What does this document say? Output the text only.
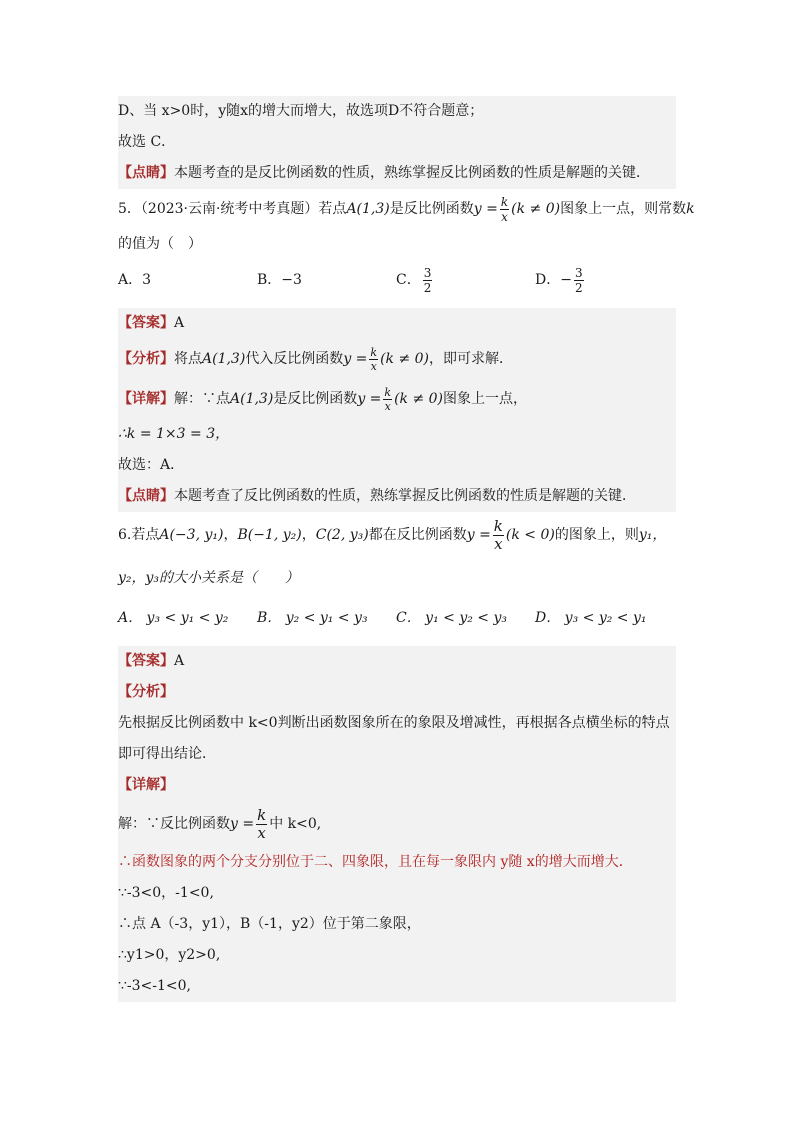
D、当 x>0时，y随x的增大而增大，故选项D不符合题意；
故选 C．
【点睛】本题考查的是反比例函数的性质，熟练掌握反比例函数的性质是解题的关键．
5．（2023·云南·统考中考真题）若点A(1,3)是反比例函数$y = \frac{k}{x} (k \ne 0)$图象上一点，则常数k
的值为（　）
A．3	B．−3	C． $\frac{3}{2}$	D．− $\frac{3}{2}$
【答案】A
【分析】将点A(1,3)代入反比例函数$y = \frac{k}{x} (k \ne 0)$，即可求解．
【详解】解：∵点A(1,3)是反比例函数$y = \frac{k}{x} (k \ne 0)$图象上一点，
∴k = 1×3 = 3，
故选：A．
【点睛】本题考查了反比例函数的性质，熟练掌握反比例函数的性质是解题的关键．
6.若点A(−3, y₁)，B(−1, y₂)，C(2, y₃)都在反比例函数$y = \frac{k}{x} (k < 0)$的图象上，则y₁，
y₂，y₃的大小关系是（　　）
A． y₃ < y₁ < y₂	B． y₂ < y₁ < y₃	C． y₁ < y₂ < y₃	D． y₃ < y₂ < y₁
【答案】A
【分析】
先根据反比例函数中 k<0判断出函数图象所在的象限及增减性，再根据各点横坐标的特点
即可得出结论．
【详解】
解：∵反比例函数$y = \frac{k}{x}$ 中 k<0,
∴函数图象的两个分支分别位于二、四象限，且在每一象限内 y随 x的增大而增大．
∵-3<0，-1<0,
∴点 A（-3，y1），B（-1，y2）位于第二象限，
∴y1>0，y2>0,
∵-3<-1<0,
